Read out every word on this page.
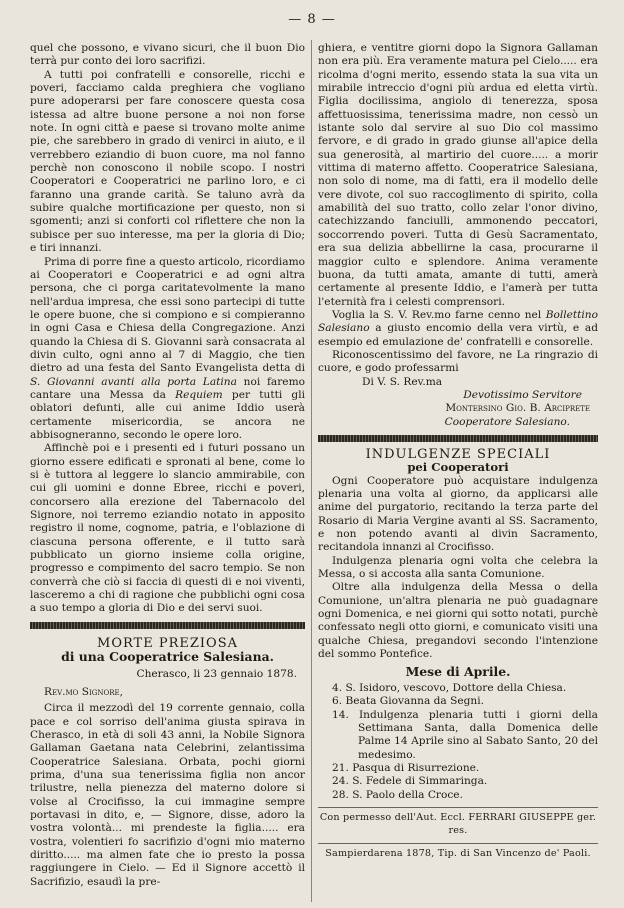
— 8 —

quel che possono, e vivano sicuri, che il buon Dio terrà pur conto dei loro sacrifizi.

A tutti poi confratelli e consorelle, ricchi e poveri, facciamo calda preghiera che vogliano pure adoperarsi per fare conoscere questa cosa istessa ad altre buone persone a noi non forse note. In ogni città e paese si trovano molte anime pie, che sarebbero in grado di venirci in aiuto, e il verrebbero eziandio di buon cuore, ma nol fanno perchè non conoscono il nobile scopo. I nostri Cooperatori e Cooperatrici ne parlino loro, e ci faranno una grande carità. Se taluno avrà da subire qualche mortificazione per questo, non si sgomenti; anzi si conforti col riflettere che non la subisce per suo interesse, ma per la gloria di Dio; e tiri innanzi.

Prima di porre fine a questo articolo, ricordiamo ai Cooperatori e Cooperatrici e ad ogni altra persona, che ci porga caritatevolmente la mano nell'ardua impresa, che essi sono partecipi di tutte le opere buone, che si compiono e si compieranno in ogni Casa e Chiesa della Congregazione. Anzi quando la Chiesa di S. Giovanni sarà consacrata al divin culto, ogni anno al 7 di Maggio, che tien dietro ad una festa del Santo Evangelista detta di S. Giovanni avanti alla porta Latina noi faremo cantare una Messa da Requiem per tutti gli oblatori defunti, alle cui anime Iddio userà certamente misericordia, se ancora ne abbisogneranno, secondo le opere loro.

Affinchè poi e i presenti ed i futuri possano un giorno essere edificati e spronati al bene, come lo si è tuttora al leggere lo slancio ammirabile, con cui gli uomini e donne Ebree, ricchi e poveri, concorsero alla erezione del Tabernacolo del Signore, noi terremo eziandio notato in apposito registro il nome, cognome, patria, e l'oblazione di ciascuna persona offerente, e il tutto sarà pubblicato un giorno insieme colla origine, progresso e compimento del sacro tempio. Se non converrà che ciò si faccia di questi di e noi viventi, lasceremo a chi di ragione che pubblichi ogni cosa a suo tempo a gloria di Dio e dei servi suoi.

MORTE PREZIOSA
di una Cooperatrice Salesiana.
Cherasco, li 23 gennaio 1878.
Rev.mo Signore,

Circa il mezzodì del 19 corrente gennaio, colla pace e col sorriso dell'anima giusta spirava in Cherasco, in età di soli 43 anni, la Nobile Signora Gallaman Gaetana nata Celebrini, zelantissima Cooperatrice Salesiana. Orbata, pochi giorni prima, d'una sua tenerissima figlia non ancor trilustre, nella pienezza del materno dolore si volse al Crocifisso, la cui immagine sempre portavasi in dito, e, — Signore, disse, adoro la vostra volontà... mi prendeste la figlia..... era vostra, volentieri fo sacrifizio d'ogni mio materno diritto..... ma almen fate che io presto la possa raggiungere in Cielo. — Ed il Signore accettò il Sacrifizio, esaudì la pre-

ghiera, e ventitre giorni dopo la Signora Gallaman non era più. Era veramente matura pel Cielo..... era ricolma d'ogni merito, essendo stata la sua vita un mirabile intreccio d'ogni più ardua ed eletta virtù. Figlia docilissima, angiolo di tenerezza, sposa affettuosissima, tenerissima madre, non cessò un istante solo dal servire al suo Dio col massimo fervore, e di grado in grado giunse all'apice della sua generosità, al martirio del cuore..... a morir vittima di materno affetto. Cooperatrice Salesiana, non solo di nome, ma di fatti, era il modello delle vere divote, col suo raccoglimento di spirito, colla amabilità del suo tratto, collo zelar l'onor divino, catechizzando fanciulli, ammonendo peccatori, soccorrendo poveri. Tutta di Gesù Sacramentato, era sua delizia abbellirne la casa, procurarne il maggior culto e splendore. Anima veramente buona, da tutti amata, amante di tutti, amerà certamente al presente Iddio, e l'amerà per tutta l'eternità fra i celesti comprensori.

Voglia la S. V. Rev.mo farne cenno nel Bollettino Salesiano a giusto encomio della vera virtù, e ad esempio ed emulazione de' confratelli e consorelle.

Riconoscentissimo del favore, ne La ringrazio di cuore, e godo professarmi

Di V. S. Rev.ma

Devotissimo Servitore
Montersino Gio. B. Arciprete
Cooperatore Salesiano.
INDULGENZE SPECIALI
pei Cooperatori

Ogni Cooperatore può acquistare indulgenza plenaria una volta al giorno, da applicarsi alle anime del purgatorio, recitando la terza parte del Rosario di Maria Vergine avanti al SS. Sacramento, e non potendo avanti al divin Sacramento, recitandola innanzi al Crocifisso.

Indulgenza plenaria ogni volta che celebra la Messa, o si accosta alla santa Comunione.

Oltre alla indulgenza della Messa o della Comunione, un'altra plenaria ne può guadagnare ogni Domenica, e nei giorni qui sotto notati, purchè confessato negli otto giorni, e comunicato visiti una qualche Chiesa, pregandovi secondo l'intenzione del sommo Pontefice.

Mese di Aprile.
4. S. Isidoro, vescovo, Dottore della Chiesa.
6. Beata Giovanna da Segni.
14. Indulgenza plenaria tutti i giorni della Settimana Santa, dalla Domenica delle Palme 14 Aprile sino al Sabato Santo, 20 del medesimo.
21. Pasqua di Risurrezione.
24. S. Fedele di Simmaringa.
28. S. Paolo della Croce.
Con permesso dell'Aut. Eccl. FERRARI GIUSEPPE ger. res.
Sampierdarena 1878, Tip. di San Vincenzo de' Paoli.
